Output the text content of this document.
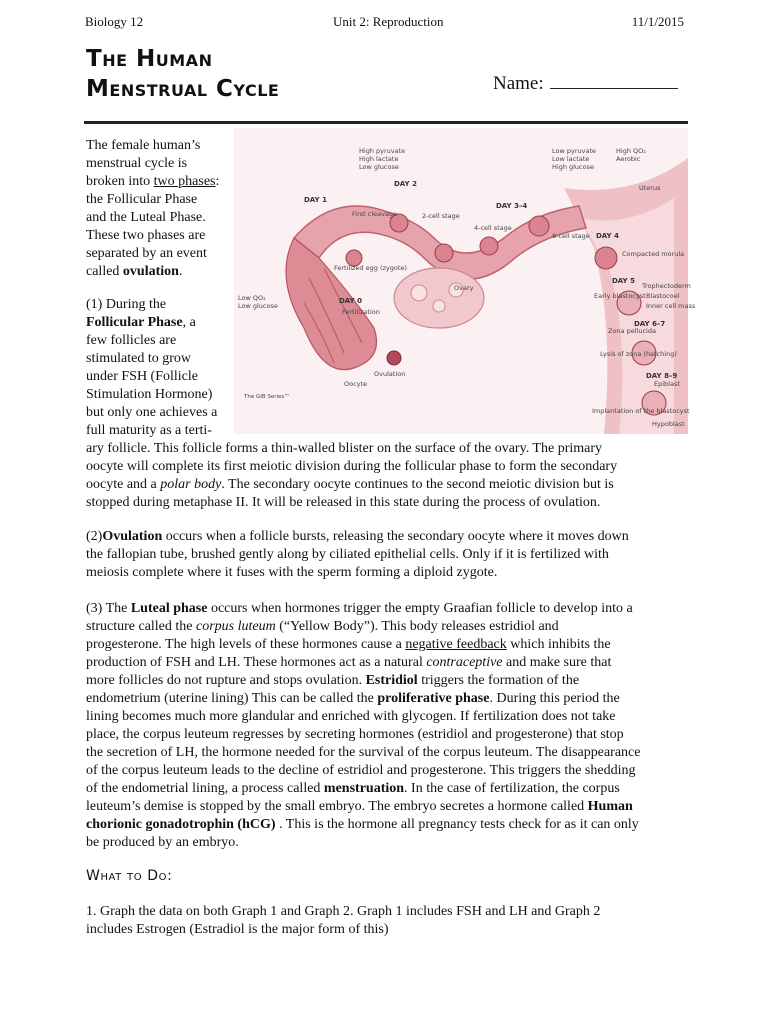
Biology 12	Unit 2: Reproduction	11/1/2015
The Human
Menstrual Cycle	Name:
The female human’s
menstrual cycle is
broken into two phases:
the Follicular Phase
and the Luteal Phase.
These two phases are
separated by an event
called ovulation.
(1) During the
Follicular Phase, a
few follicles are
stimulated to grow
under FSH (Follicle
Stimulation Hormone)
but only one achieves a
full maturity as a terti-
ary follicle. This follicle forms a thin-walled blister on the surface of the ovary. The primary
oocyte will complete its first meiotic division during the follicular phase to form the secondary
oocyte and a polar body. The secondary oocyte continues to the second meiotic division but is
stopped during metaphase II. It will be released in this state during the process of ovulation.
(2)Ovulation occurs when a follicle bursts, releasing the secondary oocyte where it moves down
the fallopian tube, brushed gently along by ciliated epithelial cells. Only if it is fertilized with
meiosis complete where it fuses with the sperm forming a diploid zygote.
(3) The Luteal phase occurs when hormones trigger the empty Graafian follicle to develop into a
structure called the corpus luteum (“Yellow Body”). This body releases estridiol and
progesterone. The high levels of these hormones cause a negative feedback which inhibits the
production of FSH and LH. These hormones act as a natural contraceptive and make sure that
more follicles do not rupture and stops ovulation. Estridiol triggers the formation of the
endometrium (uterine lining) This can be called the proliferative phase. During this period the
lining becomes much more glandular and enriched with glycogen. If fertilization does not take
place, the corpus leuteum regresses by secreting hormones (estridiol and progesterone) that stop
the secretion of LH, the hormone needed for the survival of the corpus leuteum. The disappearance
of the corpus leuteum leads to the decline of estridiol and progesterone. This triggers the shedding
of the endometrial lining, a process called menstruation. In the case of fertilization, the corpus
leuteum’s demise is stopped by the small embryo. The embryo secretes a hormone called Human
chorionic gonadotrophin (hCG) . This is the hormone all pregnancy tests check for as it can only
be produced by an embryo.
What to Do:
1. Graph the data on both Graph 1 and Graph 2. Graph 1 includes FSH and LH and Graph 2
includes Estrogen (Estradiol is the major form of this)
High pyruvate
High lactate
Low glucose
Low pyruvate
Low lactate
High glucose
High QO₂
Aerobic
First cleavage	2-cell stage
4-cell stage
8-cell stage
Uterus
Compacted morula
Trophectoderm
Blastocoel
Inner cell mass
Early blastocyst
Zona pellucida
Lysis of zona (hatching)
Epiblast
Hypoblast
Implantation of the blastocyst
Fertilized egg (zygote)
Ovary
Fertilization
Ovulation
Oocyte
Low QO₂
Low glucose
The GIB Series™
DAY 0
DAY 1
DAY 2
DAY 3–4
DAY 4
DAY 5
DAY 6–7
DAY 8–9
